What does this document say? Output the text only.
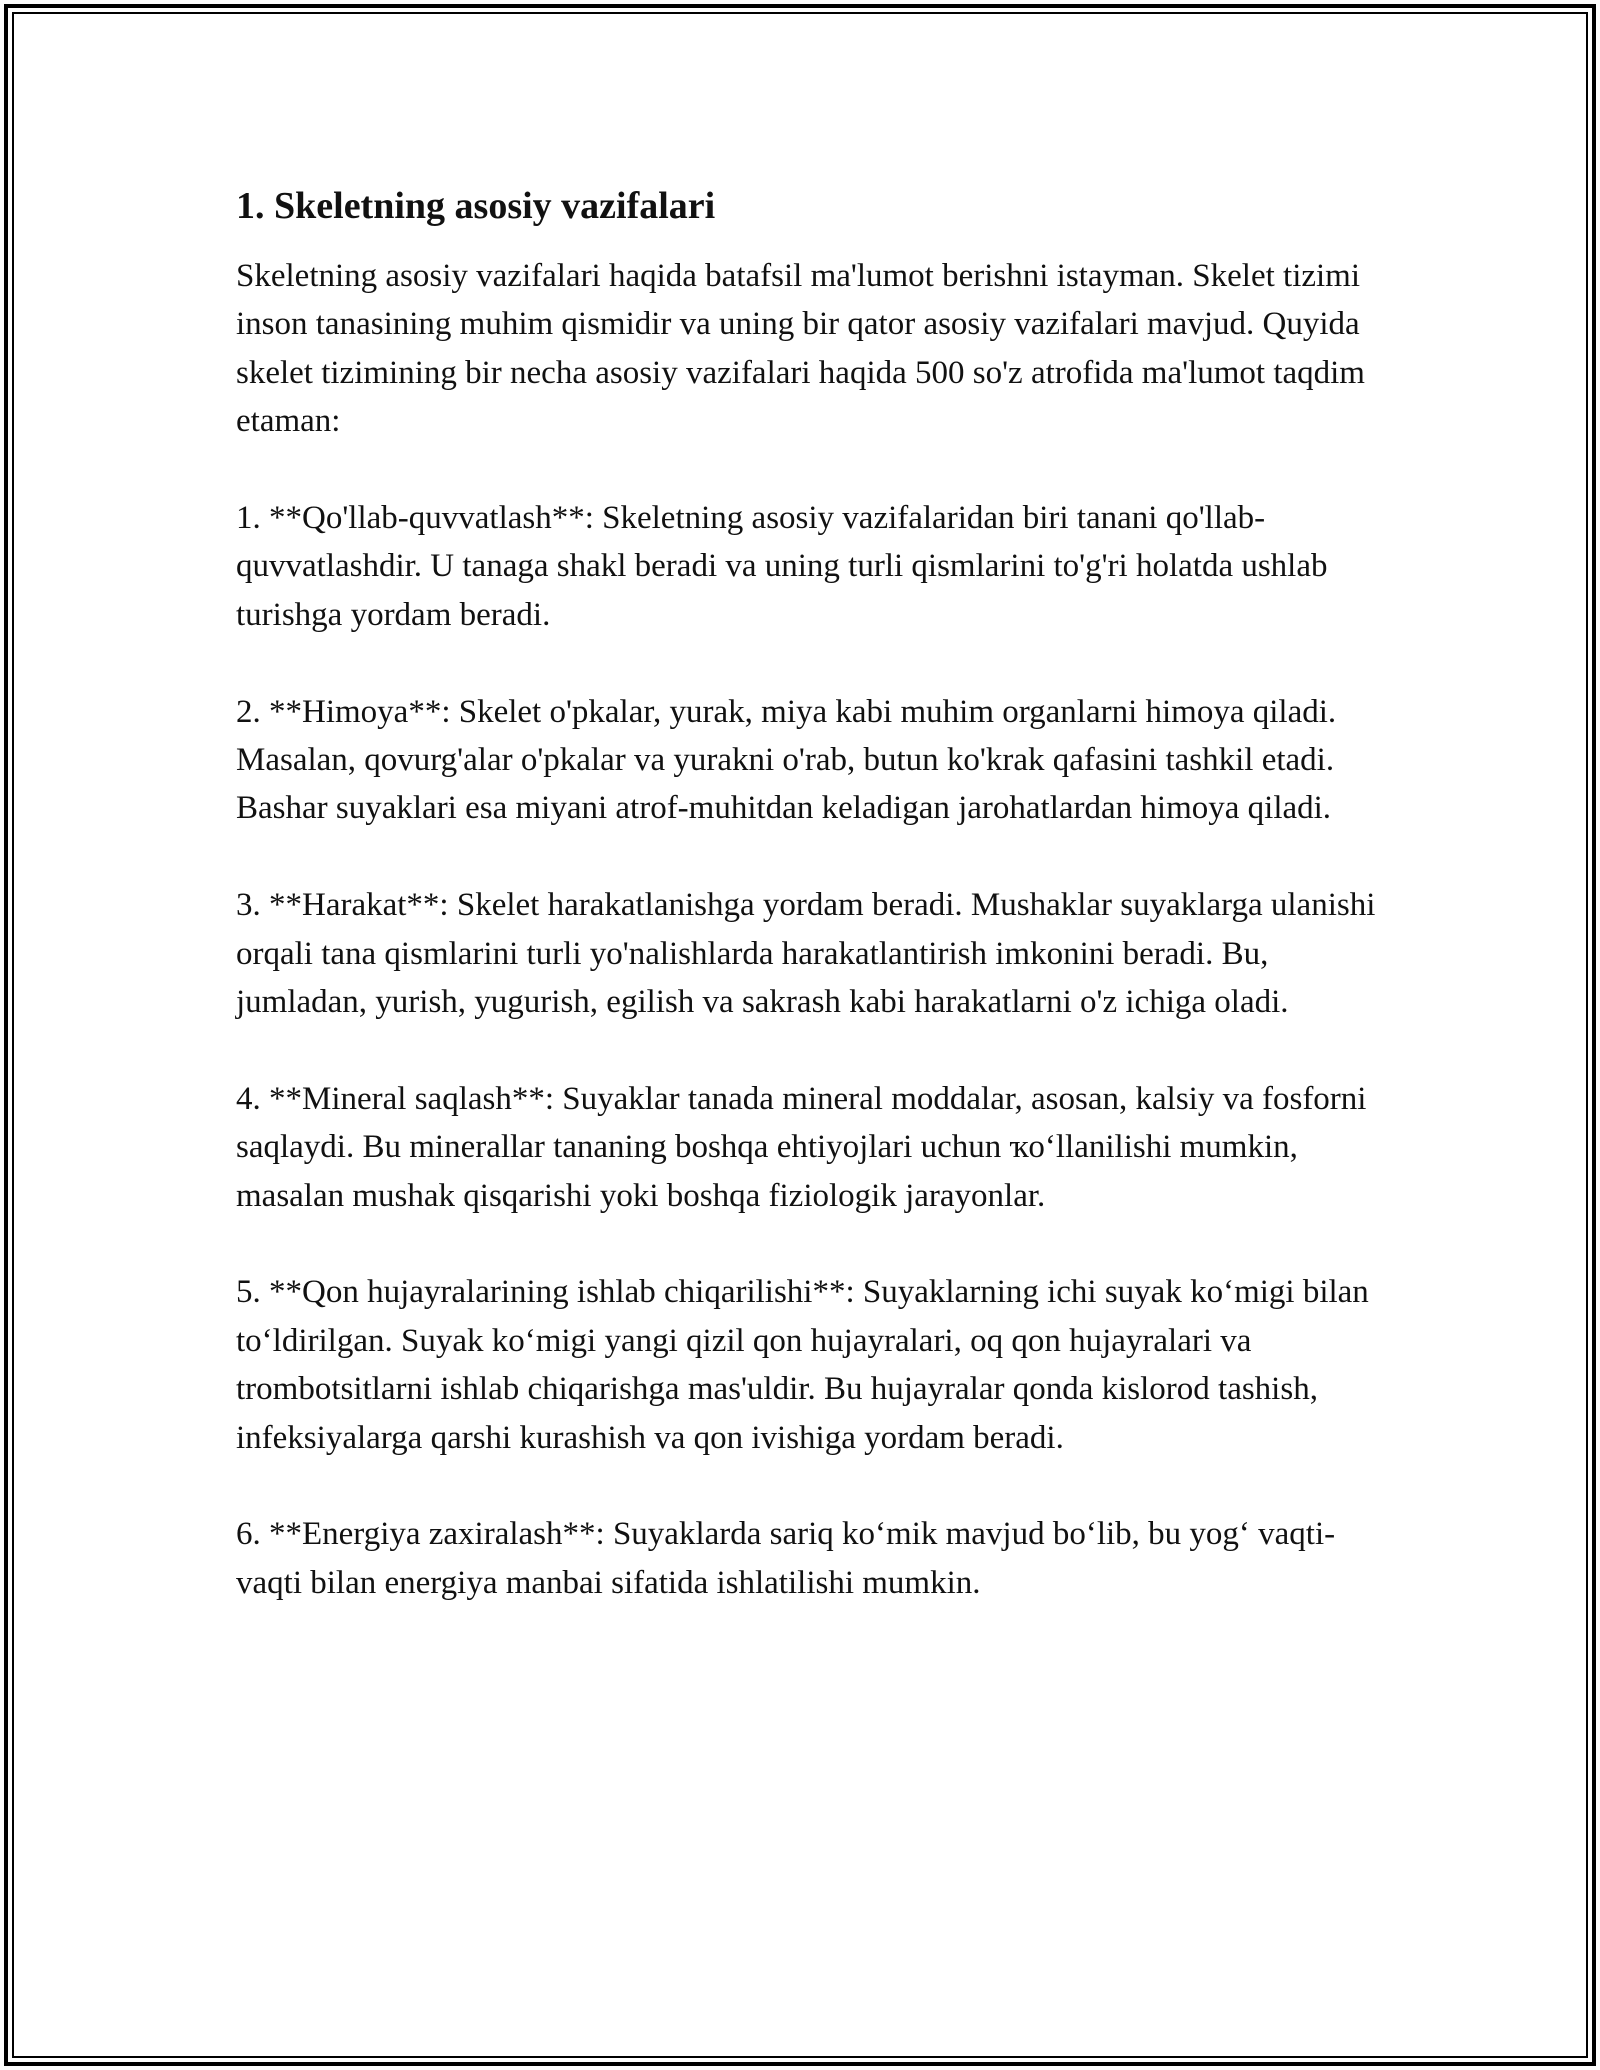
1. Skeletning asosiy vazifalari

Skeletning asosiy vazifalari haqida batafsil ma'lumot berishni istayman. Skelet tizimi inson tanasining muhim qismidir va uning bir qator asosiy vazifalari mavjud. Quyida skelet tizimining bir necha asosiy vazifalari haqida 500 so'z atrofida ma'lumot taqdim etaman:

1. **Qo'llab-quvvatlash**: Skeletning asosiy vazifalaridan biri tanani qo'llab-quvvatlashdir. U tanaga shakl beradi va uning turli qismlarini to'g'ri holatda ushlab turishga yordam beradi.

2. **Himoya**: Skelet o'pkalar, yurak, miya kabi muhim organlarni himoya qiladi. Masalan, qovurg'alar o'pkalar va yurakni o'rab, butun ko'krak qafasini tashkil etadi. Bashar suyaklari esa miyani atrof-muhitdan keladigan jarohatlardan himoya qiladi.

3. **Harakat**: Skelet harakatlanishga yordam beradi. Mushaklar suyaklarga ulanishi orqali tana qismlarini turli yo'nalishlarda harakatlantirish imkonini beradi. Bu, jumladan, yurish, yugurish, egilish va sakrash kabi harakatlarni o'z ichiga oladi.

4. **Mineral saqlash**: Suyaklar tanada mineral moddalar, asosan, kalsiy va fosforni saqlaydi. Bu minerallar tananing boshqa ehtiyojlari uchun ҡo‘llanilishi mumkin, masalan mushak qisqarishi yoki boshqa fiziologik jarayonlar.

5. **Qon hujayralarining ishlab chiqarilishi**: Suyaklarning ichi suyak ko‘migi bilan to‘ldirilgan. Suyak ko‘migi yangi qizil qon hujayralari, oq qon hujayralari va trombotsitlarni ishlab chiqarishga mas'uldir. Bu hujayralar qonda kislorod tashish, infeksiyalarga qarshi kurashish va qon ivishiga yordam beradi.

6. **Energiya zaxiralash**: Suyaklarda sariq ko‘mik mavjud bo‘lib, bu yog‘ vaqti-vaqti bilan energiya manbai sifatida ishlatilishi mumkin.
